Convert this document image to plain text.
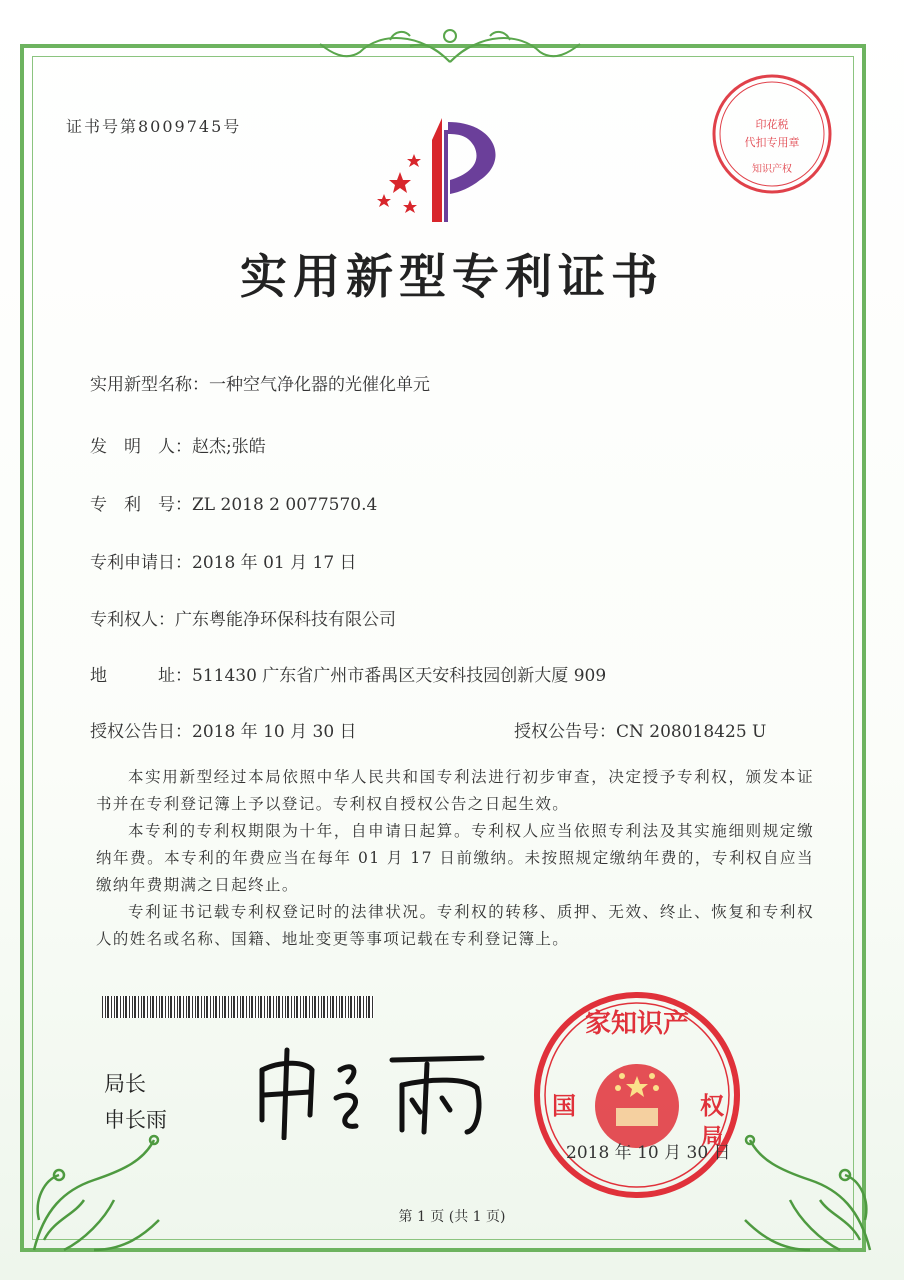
证书号第8009745号	印花税
代扣专用章
知识产权
实用新型专利证书
实用新型名称：一种空气净化器的光催化单元
发　明　人：赵杰;张皓
专　利　号：ZL 2018 2 0077570.4
专利申请日：2018 年 01 月 17 日
专利权人：广东粤能净环保科技有限公司
地　　　址：511430 广东省广州市番禺区天安科技园创新大厦 909
授权公告日：2018 年 10 月 30 日	授权公告号：CN 208018425 U
本实用新型经过本局依照中华人民共和国专利法进行初步审查，决定授予专利权，颁发本证书并在专利登记簿上予以登记。专利权自授权公告之日起生效。
本专利的专利权期限为十年，自申请日起算。专利权人应当依照专利法及其实施细则规定缴纳年费。本专利的年费应当在每年 01 月 17 日前缴纳。未按照规定缴纳年费的，专利权自应当缴纳年费期满之日起终止。
专利证书记载专利权登记时的法律状况。专利权的转移、质押、无效、终止、恢复和专利权人的姓名或名称、国籍、地址变更等事项记载在专利登记簿上。
局长
申长雨
家知识产
国	权
局
2018 年 10 月 30 日
第 1 页 (共 1 页)
